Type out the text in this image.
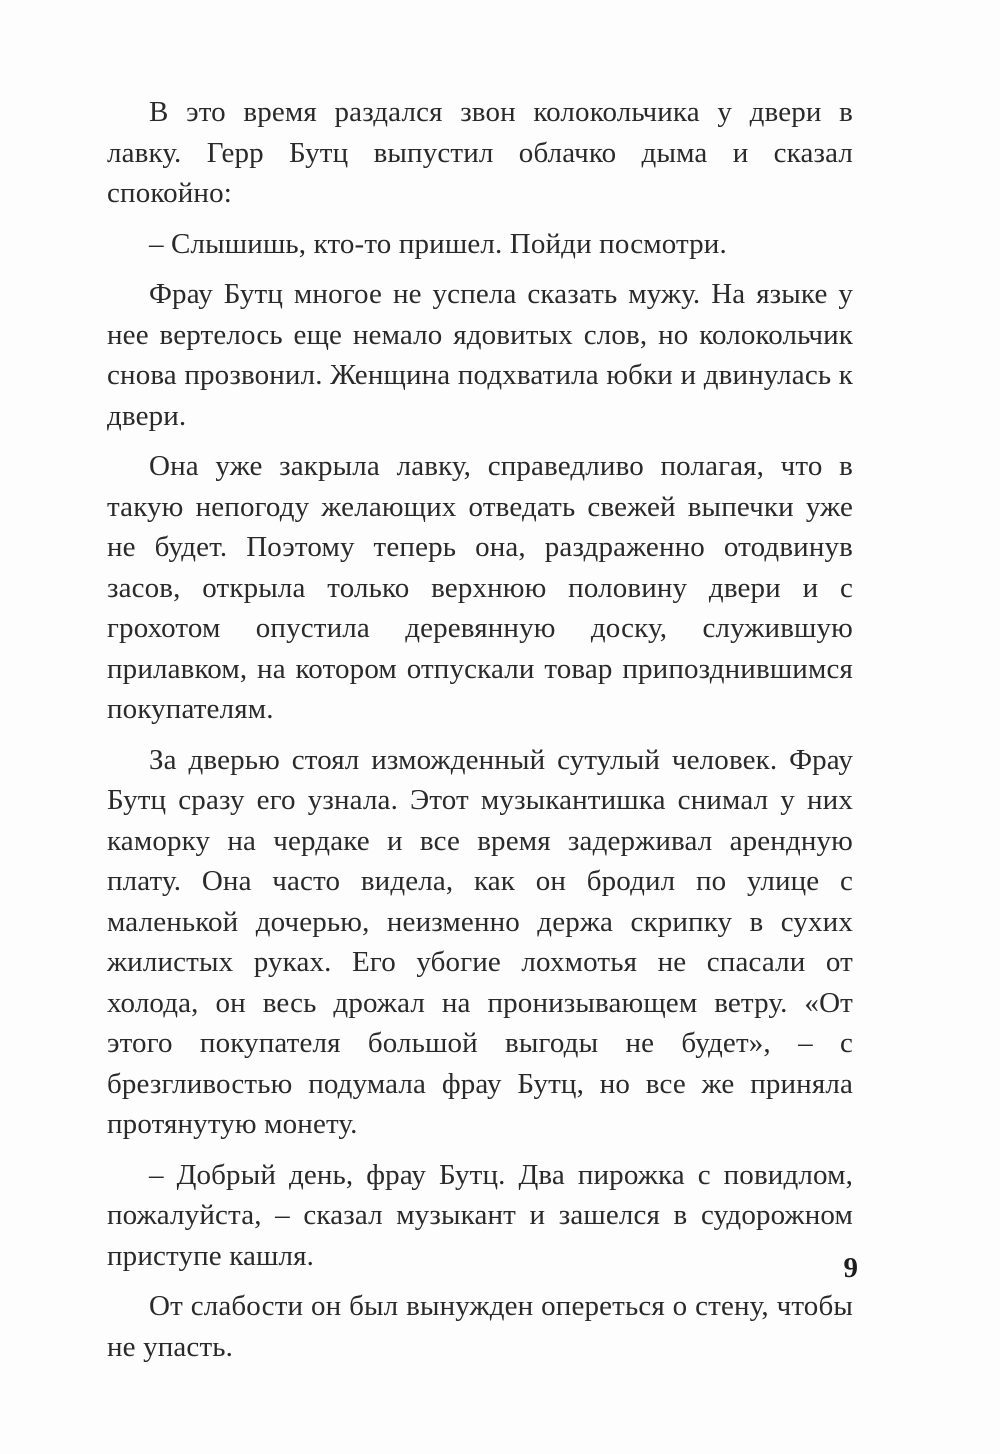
В это время раздался звон колокольчика у двери в лавку. Герр Бутц выпустил облачко дыма и сказал спокойно:

– Слышишь, кто-то пришел. Пойди посмотри.

Фрау Бутц многое не успела сказать мужу. На языке у нее вертелось еще немало ядовитых слов, но колокольчик снова прозвонил. Женщина подхватила юбки и двинулась к двери.

Она уже закрыла лавку, справедливо полагая, что в такую непогоду желающих отведать свежей выпечки уже не будет. Поэтому теперь она, раздраженно отодвинув засов, открыла только верхнюю половину двери и с грохотом опустила деревянную доску, служившую прилавком, на котором отпускали товар припозднившимся покупателям.

За дверью стоял изможденный сутулый человек. Фрау Бутц сразу его узнала. Этот музыкантишка снимал у них каморку на чердаке и все время задерживал арендную плату. Она часто видела, как он бродил по улице с маленькой дочерью, неизменно держа скрипку в сухих жилистых руках. Его убогие лохмотья не спасали от холода, он весь дрожал на пронизывающем ветру. «От этого покупателя большой выгоды не будет», – с брезгливостью подумала фрау Бутц, но все же приняла протянутую монету.

– Добрый день, фрау Бутц. Два пирожка с повидлом, пожалуйста, – сказал музыкант и зашелся в судорожном приступе кашля.

От слабости он был вынужден опереться о стену, чтобы не упасть.

9
